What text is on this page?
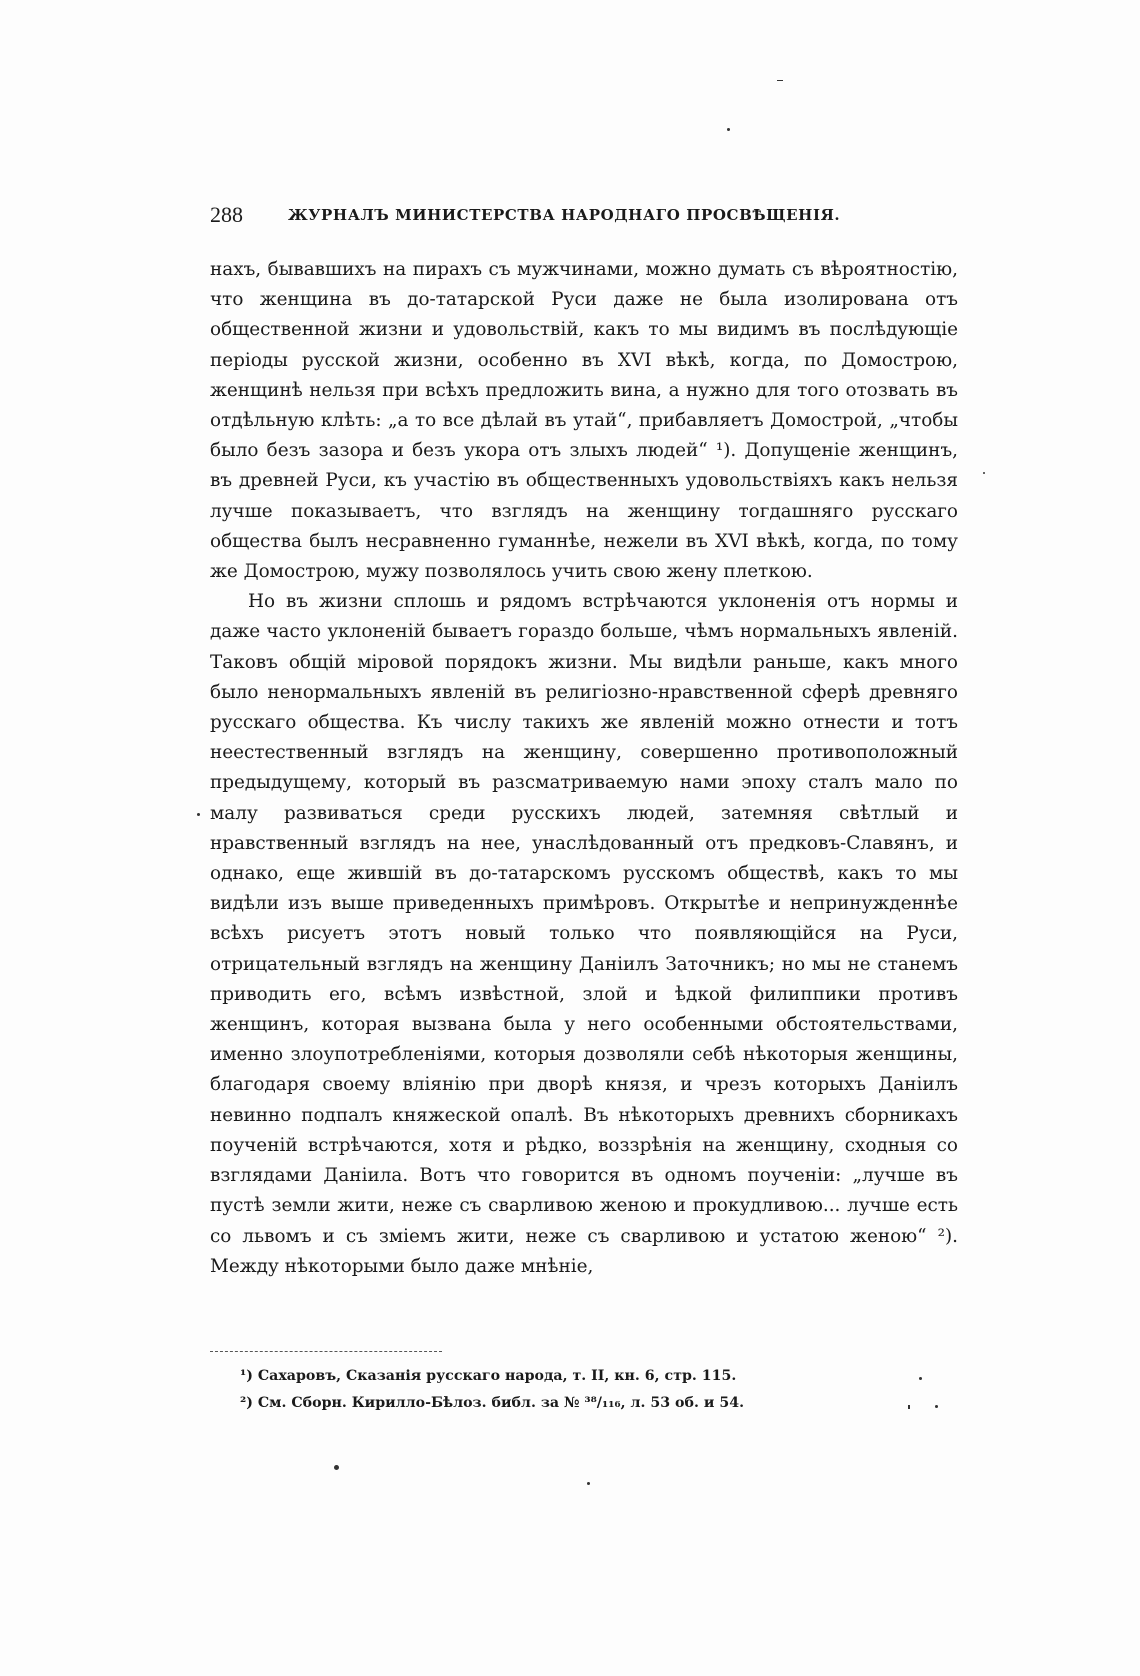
288	ЖУРНАЛЪ МИНИСТЕРСТВА НАРОДНАГО ПРОСВѢЩЕНІЯ.

нахъ, бывавшихъ на пирахъ съ мужчинами, можно думать съ вѣроятностію, что женщина въ до-татарской Руси даже не была изолирована отъ общественной жизни и удовольствій, какъ то мы видимъ въ послѣдующіе періоды русской жизни, особенно въ XVI вѣкѣ, когда, по Домострою, женщинѣ нельзя при всѣхъ предложить вина, а нужно для того отозвать въ отдѣльную клѣть: „а то все дѣлай въ утай“, прибавляетъ Домострой, „чтобы было безъ зазора и безъ укора отъ злыхъ людей“ ¹). Допущеніе женщинъ, въ древней Руси, къ участію въ общественныхъ удовольствіяхъ какъ нельзя лучше показываетъ, что взглядъ на женщину тогдашняго русскаго общества былъ несравненно гуманнѣе, нежели въ XVI вѣкѣ, когда, по тому же Домострою, мужу позволялось учить свою жену плеткою.

Но въ жизни сплошь и рядомъ встрѣчаются уклоненія отъ нормы и даже часто уклоненій бываетъ гораздо больше, чѣмъ нормальныхъ явленій. Таковъ общій міровой порядокъ жизни. Мы видѣли раньше, какъ много было ненормальныхъ явленій въ религіозно-нравственной сферѣ древняго русскаго общества. Къ числу такихъ же явленій можно отнести и тотъ неестественный взглядъ на женщину, совершенно противоположный предыдущему, который въ разсматриваемую нами эпоху сталъ мало по малу развиваться среди русскихъ людей, затемняя свѣтлый и нравственный взглядъ на нее, унаслѣдованный отъ предковъ-Славянъ, и однако, еще жившій въ до-татарскомъ русскомъ обществѣ, какъ то мы видѣли изъ выше приведенныхъ примѣровъ. Открытѣе и непринужденнѣе всѣхъ рисуетъ этотъ новый только что появляющійся на Руси, отрицательный взглядъ на женщину Даніилъ Заточникъ; но мы не станемъ приводить его, всѣмъ извѣстной, злой и ѣдкой филиппики противъ женщинъ, которая вызвана была у него особенными обстоятельствами, именно злоупотребленіями, которыя дозволяли себѣ нѣкоторыя женщины, благодаря своему вліянію при дворѣ князя, и чрезъ которыхъ Даніилъ невинно подпалъ княжеской опалѣ. Въ нѣкоторыхъ древнихъ сборникахъ поученій встрѣчаются, хотя и рѣдко, воззрѣнія на женщину, сходныя со взглядами Даніила. Вотъ что говорится въ одномъ поученіи: „лучше въ пустѣ земли жити, неже съ сварливою женою и прокудливою... лучше есть со львомъ и съ зміемъ жити, неже съ сварливою и устатою женою“ ²). Между нѣкоторыми было даже мнѣніе,

¹) Сахаровъ, Сказанія русскаго народа, т. II, кн. 6, стр. 115.

²) См. Сборн. Кирилло-Бѣлоз. библ. за № ³⁸/₁₁₆, л. 53 об. и 54.
